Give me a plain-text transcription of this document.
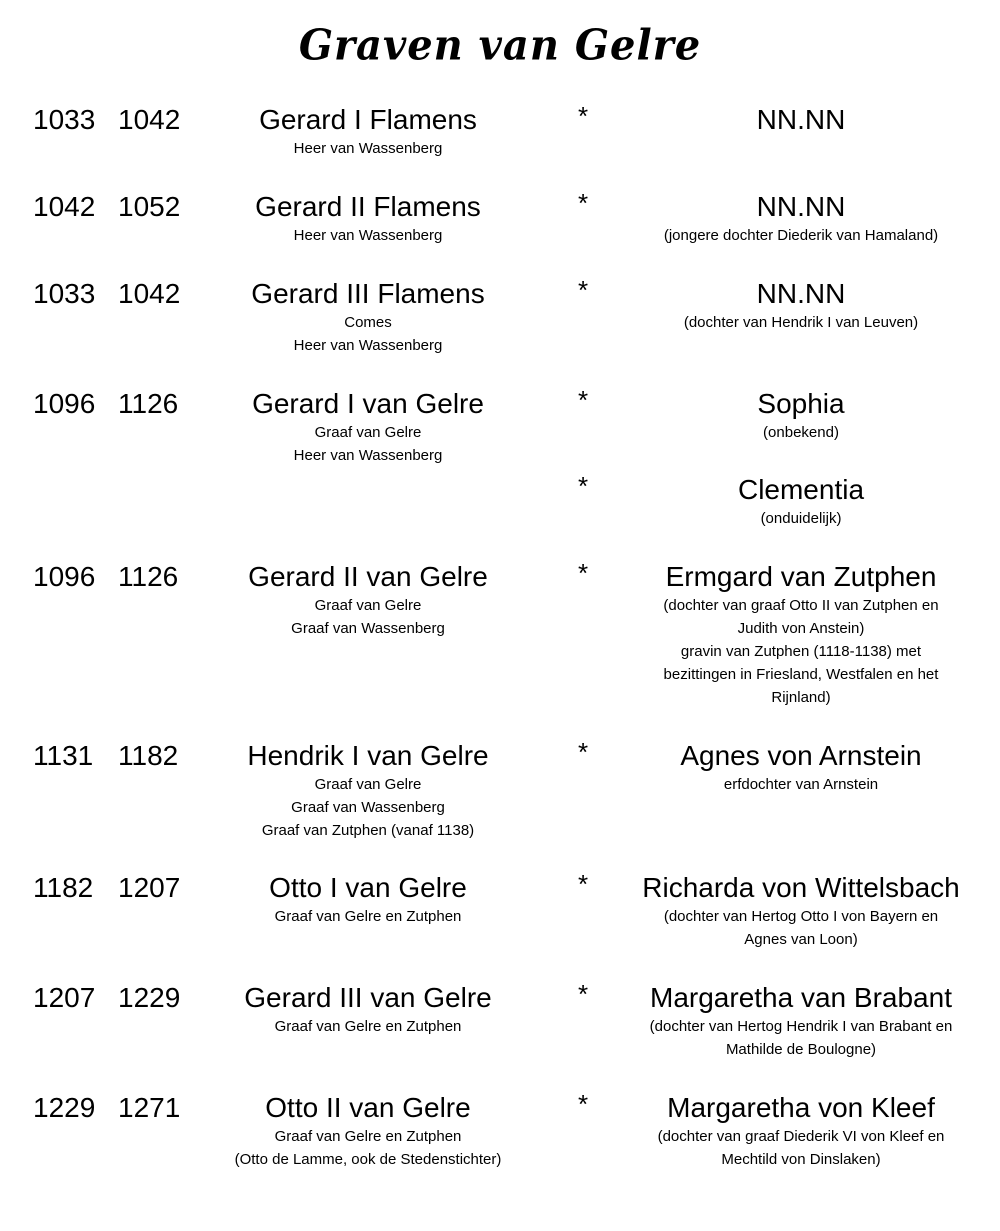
Graven van Gelre
1033 1042	Gerard I Flamens
Heer van Wassenberg
*	NN.NN
1042 1052	Gerard II Flamens
Heer van Wassenberg
*	NN.NN
(jongere dochter Diederik van Hamaland)
1033 1042	Gerard III Flamens
Comes
Heer van Wassenberg
*	NN.NN
(dochter van Hendrik I van Leuven)
1096 1126	Gerard I van Gelre
Graaf van Gelre
Heer van Wassenberg
*	Sophia
(onbekend)
*	Clementia
(onduidelijk)
1096 1126	Gerard II van Gelre
Graaf van Gelre
Graaf van Wassenberg
*	Ermgard van Zutphen
(dochter van graaf Otto II van Zutphen en
Judith von Anstein)
gravin van Zutphen (1118-1138) met
bezittingen in Friesland, Westfalen en het
Rijnland)
1131 1182	Hendrik I van Gelre
Graaf van Gelre
Graaf van Wassenberg
Graaf van Zutphen (vanaf 1138)
*	Agnes von Arnstein
erfdochter van Arnstein
1182 1207	Otto I van Gelre
Graaf van Gelre en Zutphen
*	Richarda von Wittelsbach
(dochter van Hertog Otto I von Bayern en
Agnes van Loon)
1207 1229	Gerard III van Gelre
Graaf van Gelre en Zutphen
*	Margaretha van Brabant
(dochter van Hertog Hendrik I van Brabant en
Mathilde de Boulogne)
1229 1271	Otto II van Gelre
Graaf van Gelre en Zutphen
(Otto de Lamme, ook de Stedenstichter)
*	Margaretha von Kleef
(dochter van graaf Diederik VI von Kleef en
Mechtild von Dinslaken)
